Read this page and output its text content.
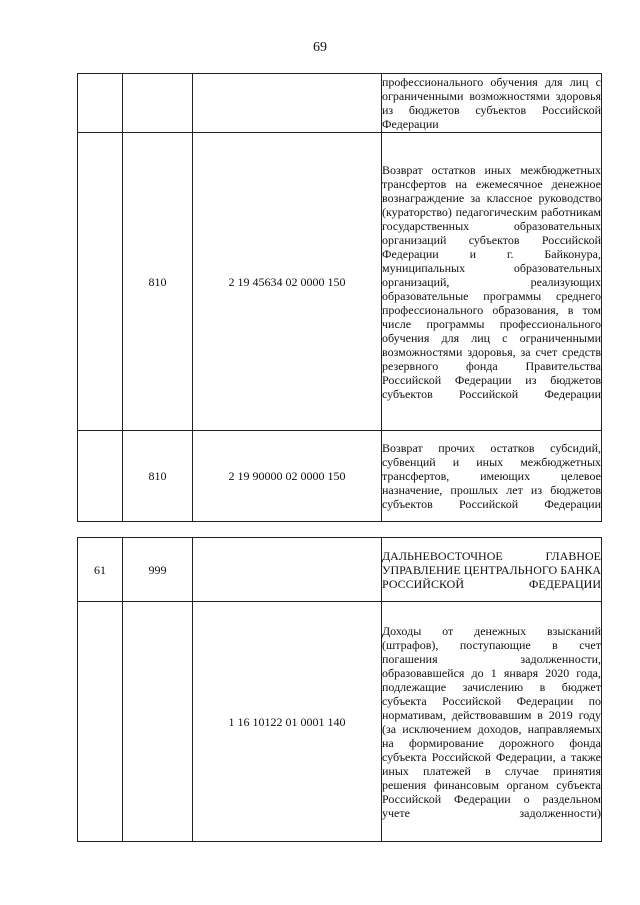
69
			профессионального обучения для лиц с ограниченными возможностями здоровья из бюджетов субъектов Российской Федерации
	810	2 19 45634 02 0000 150	Возврат остатков иных межбюджетных трансфертов на ежемесячное денежное вознаграждение за классное руководство (кураторство) педагогическим работникам государственных образовательных организаций субъектов Российской Федерации и г. Байконура, муниципальных образовательных организаций, реализующих образовательные программы среднего профессионального образования, в том числе программы профессионального обучения для лиц с ограниченными возможностями здоровья, за счет средств резервного фонда Правительства Российской Федерации из бюджетов субъектов Российской Федерации
	810	2 19 90000 02 0000 150	Возврат прочих остатков субсидий, субвенций и иных межбюджетных трансфертов, имеющих целевое назначение, прошлых лет из бюджетов субъектов Российской Федерации
61	999		ДАЛЬНЕВОСТОЧНОЕ ГЛАВНОЕ УПРАВЛЕНИЕ ЦЕНТРАЛЬНОГО БАНКА РОССИЙСКОЙ ФЕДЕРАЦИИ
		1 16 10122 01 0001 140	Доходы от денежных взысканий (штрафов), поступающие в счет погашения задолженности, образовавшейся до 1 января 2020 года, подлежащие зачислению в бюджет субъекта Российской Федерации по нормативам, действовавшим в 2019 году (за исключением доходов, направляемых на формирование дорожного фонда субъекта Российской Федерации, а также иных платежей в случае принятия решения финансовым органом субъекта Российской Федерации о раздельном учете задолженности)
